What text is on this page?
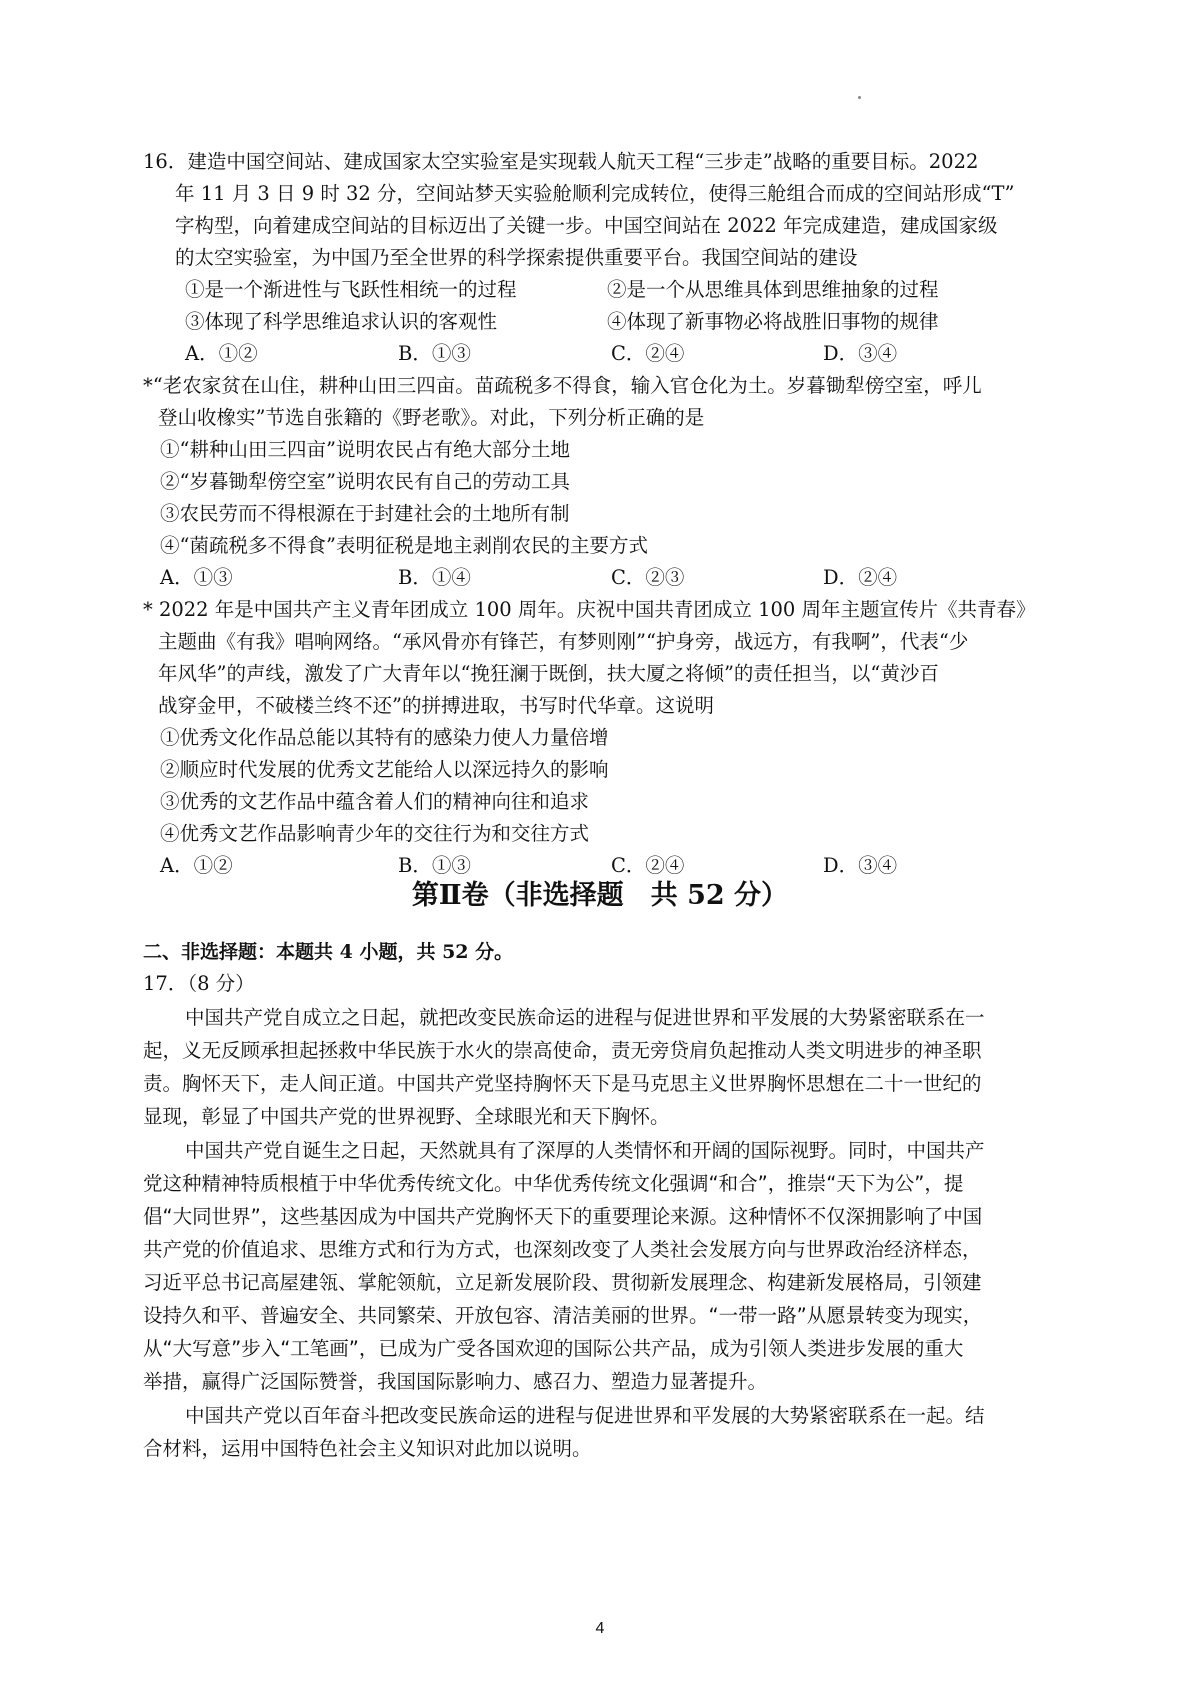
16．建造中国空间站、建成国家太空实验室是实现载人航天工程“三步走”战略的重要目标。2022
年 11 月 3 日 9 时 32 分，空间站梦天实验舱顺利完成转位，使得三舱组合而成的空间站形成“T”
字构型，向着建成空间站的目标迈出了关键一步。中国空间站在 2022 年完成建造，建成国家级
的太空实验室，为中国乃至全世界的科学探索提供重要平台。我国空间站的建设
①是一个渐进性与飞跃性相统一的过程	②是一个从思维具体到思维抽象的过程
③体现了科学思维追求认识的客观性	④体现了新事物必将战胜旧事物的规律
A．①②	B．①③	C．②④	D．③④
*“老农家贫在山住，耕种山田三四亩。苗疏税多不得食，输入官仓化为土。岁暮锄犁傍空室，呼儿
登山收橡实”节选自张籍的《野老歌》。对此，下列分析正确的是
①“耕种山田三四亩”说明农民占有绝大部分土地
②“岁暮锄犁傍空室”说明农民有自己的劳动工具
③农民劳而不得根源在于封建社会的土地所有制
④“菌疏税多不得食”表明征税是地主剥削农民的主要方式
A．①③	B．①④	C．②③	D．②④
* 2022 年是中国共产主义青年团成立 100 周年。庆祝中国共青团成立 100 周年主题宣传片《共青春》
主题曲《有我》唱响网络。“承风骨亦有锋芒，有梦则刚”“护身旁，战远方，有我啊”，代表“少
年风华”的声线，激发了广大青年以“挽狂澜于既倒，扶大厦之将倾”的责任担当，以“黄沙百
战穿金甲，不破楼兰终不还”的拼搏进取，书写时代华章。这说明
①优秀文化作品总能以其特有的感染力使人力量倍增
②顺应时代发展的优秀文艺能给人以深远持久的影响
③优秀的文艺作品中蕴含着人们的精神向往和追求
④优秀文艺作品影响青少年的交往行为和交往方式
A．①②	B．①③	C．②④	D．③④
第Ⅱ卷（非选择题　共 52 分）
二、非选择题：本题共 4 小题，共 52 分。
17．（8 分）
中国共产党自成立之日起，就把改变民族命运的进程与促进世界和平发展的大势紧密联系在一
起，义无反顾承担起拯救中华民族于水火的崇高使命，责无旁贷肩负起推动人类文明进步的神圣职
责。胸怀天下，走人间正道。中国共产党坚持胸怀天下是马克思主义世界胸怀思想在二十一世纪的
显现，彰显了中国共产党的世界视野、全球眼光和天下胸怀。
中国共产党自诞生之日起，天然就具有了深厚的人类情怀和开阔的国际视野。同时，中国共产
党这种精神特质根植于中华优秀传统文化。中华优秀传统文化强调“和合”，推崇“天下为公”，提
倡“大同世界”，这些基因成为中国共产党胸怀天下的重要理论来源。这种情怀不仅深拥影响了中国
共产党的价值追求、思维方式和行为方式，也深刻改变了人类社会发展方向与世界政治经济样态，
习近平总书记高屋建瓴、掌舵领航，立足新发展阶段、贯彻新发展理念、构建新发展格局，引领建
设持久和平、普遍安全、共同繁荣、开放包容、清洁美丽的世界。“一带一路”从愿景转变为现实，
从“大写意”步入“工笔画”，已成为广受各国欢迎的国际公共产品，成为引领人类进步发展的重大
举措，赢得广泛国际赞誉，我国国际影响力、感召力、塑造力显著提升。
中国共产党以百年奋斗把改变民族命运的进程与促进世界和平发展的大势紧密联系在一起。结
合材料，运用中国特色社会主义知识对此加以说明。
4
